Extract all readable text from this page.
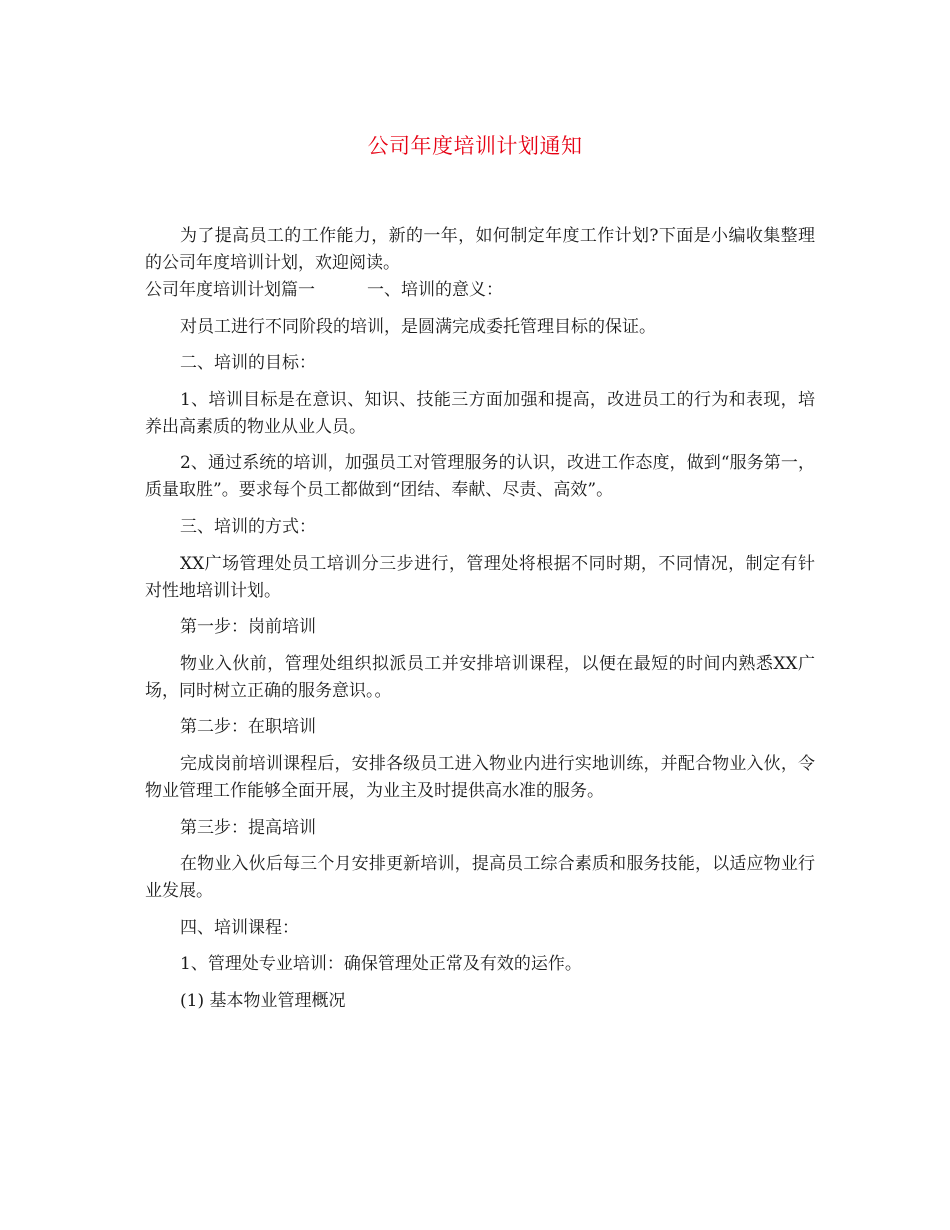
公司年度培训计划通知

为了提高员工的工作能力，新的一年，如何制定年度工作计划?下面是小编收集整理的公司年度培训计划，欢迎阅读。

公司年度培训计划篇一	一、培训的意义：

对员工进行不同阶段的培训，是圆满完成委托管理目标的保证。

二、培训的目标：

1、培训目标是在意识、知识、技能三方面加强和提高，改进员工的行为和表现，培养出高素质的物业从业人员。

2、通过系统的培训，加强员工对管理服务的认识，改进工作态度，做到“服务第一，质量取胜”。要求每个员工都做到“团结、奉献、尽责、高效”。

三、培训的方式：

XX广场管理处员工培训分三步进行，管理处将根据不同时期，不同情况，制定有针对性地培训计划。

第一步：岗前培训

物业入伙前，管理处组织拟派员工并安排培训课程，以便在最短的时间内熟悉XX广场，同时树立正确的服务意识。。

第二步：在职培训

完成岗前培训课程后，安排各级员工进入物业内进行实地训练，并配合物业入伙，令物业管理工作能够全面开展，为业主及时提供高水准的服务。

第三步：提高培训

在物业入伙后每三个月安排更新培训，提高员工综合素质和服务技能，以适应物业行业发展。

四、培训课程：

1、管理处专业培训：确保管理处正常及有效的运作。

(1) 基本物业管理概况
